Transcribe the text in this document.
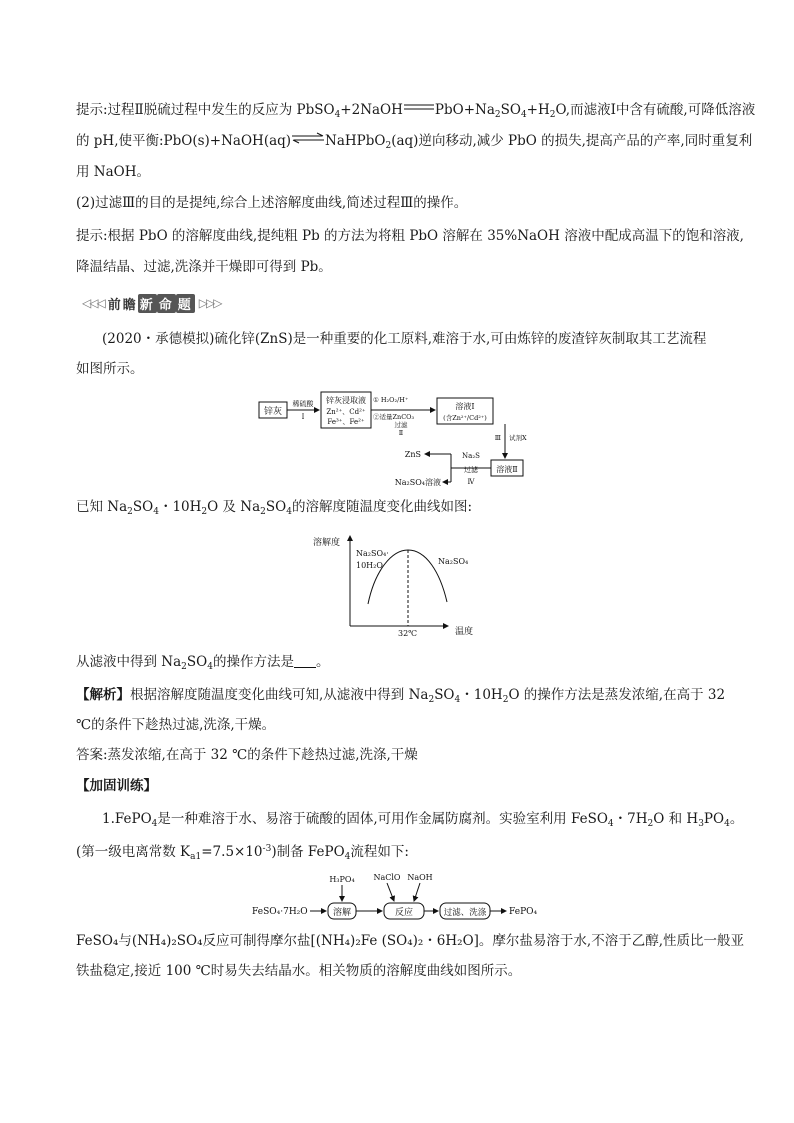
提示:过程Ⅱ脱硫过程中发生的反应为 PbSO$_4$+2NaOH $PbO+Na_2SO_4+H_2O$,而滤液Ⅰ中含有硫酸,可降低溶液
的 pH,使平衡:PbO(s)+NaOH(aq)⇌NaHPbO$_2$(aq)逆向移动,减少 PbO 的损失,提高产品的产率,同时重复利
用 NaOH。
(2)过滤Ⅲ的目的是提纯,综合上述溶解度曲线,简述过程Ⅲ的操作。
提示:根据 PbO 的溶解度曲线,提纯粗 Pb 的方法为将粗 PbO 溶解在 35%NaOH 溶液中配成高温下的饱和溶液,
降温结晶、过滤,洗涤并干燥即可得到 Pb。
◁◁◁ 前瞻 新 命 题 ▷▷▷
(2020・承德模拟)硫化锌(ZnS)是一种重要的化工原料,难溶于水,可由炼锌的废渣锌灰制取其工艺流程
如图所示。
锌灰
稀硫酸
Ⅰ
锌灰浸取液
Zn²⁺、Cd²⁺
Fe³⁺、Fe²⁺
① H₂O₂/H⁺
②适量ZnCO₃
过滤
Ⅱ
溶液Ⅰ
(含Zn²⁺/Cd²⁺)
Ⅲ 试剂X
溶液Ⅱ
Na₂S
过滤
Ⅳ
ZnS
Na₂SO₄溶液
已知 $Na_2SO_4$・$10H_2O$ 及 $Na_2SO_4$的溶解度随温度变化曲线如图:
溶解度
温度
Na₂SO₄·
10H₂O	Na₂SO₄
32℃
从滤液中得到 $Na_2SO_4$的操作方法是 。
【解析】根据溶解度随温度变化曲线可知,从滤液中得到 $Na_2SO_4$・$10H_2O$ 的操作方法是蒸发浓缩,在高于 32
℃的条件下趁热过滤,洗涤,干燥。
答案:蒸发浓缩,在高于 32 ℃的条件下趁热过滤,洗涤,干燥
【加固训练】
1.FePO$_4$是一种难溶于水、易溶于硫酸的固体,可用作金属防腐剂。实验室利用 FeSO$_4$・$7H_2O$ 和 $H_3PO_4$。
(第一级电离常数 $K_{a1}=7.5\times 10^{-3}$)制备 FePO$_4$流程如下:
FeSO₄·7H₂O	溶解
H₃PO₄
反应
NaClO NaOH
过滤、洗涤	FePO₄
FeSO₄与(NH₄)₂SO₄反应可制得摩尔盐[(NH₄)₂Fe (SO₄)₂・6H₂O]。摩尔盐易溶于水,不溶于乙醇,性质比一般亚
铁盐稳定,接近 100 ℃时易失去结晶水。相关物质的溶解度曲线如图所示。
